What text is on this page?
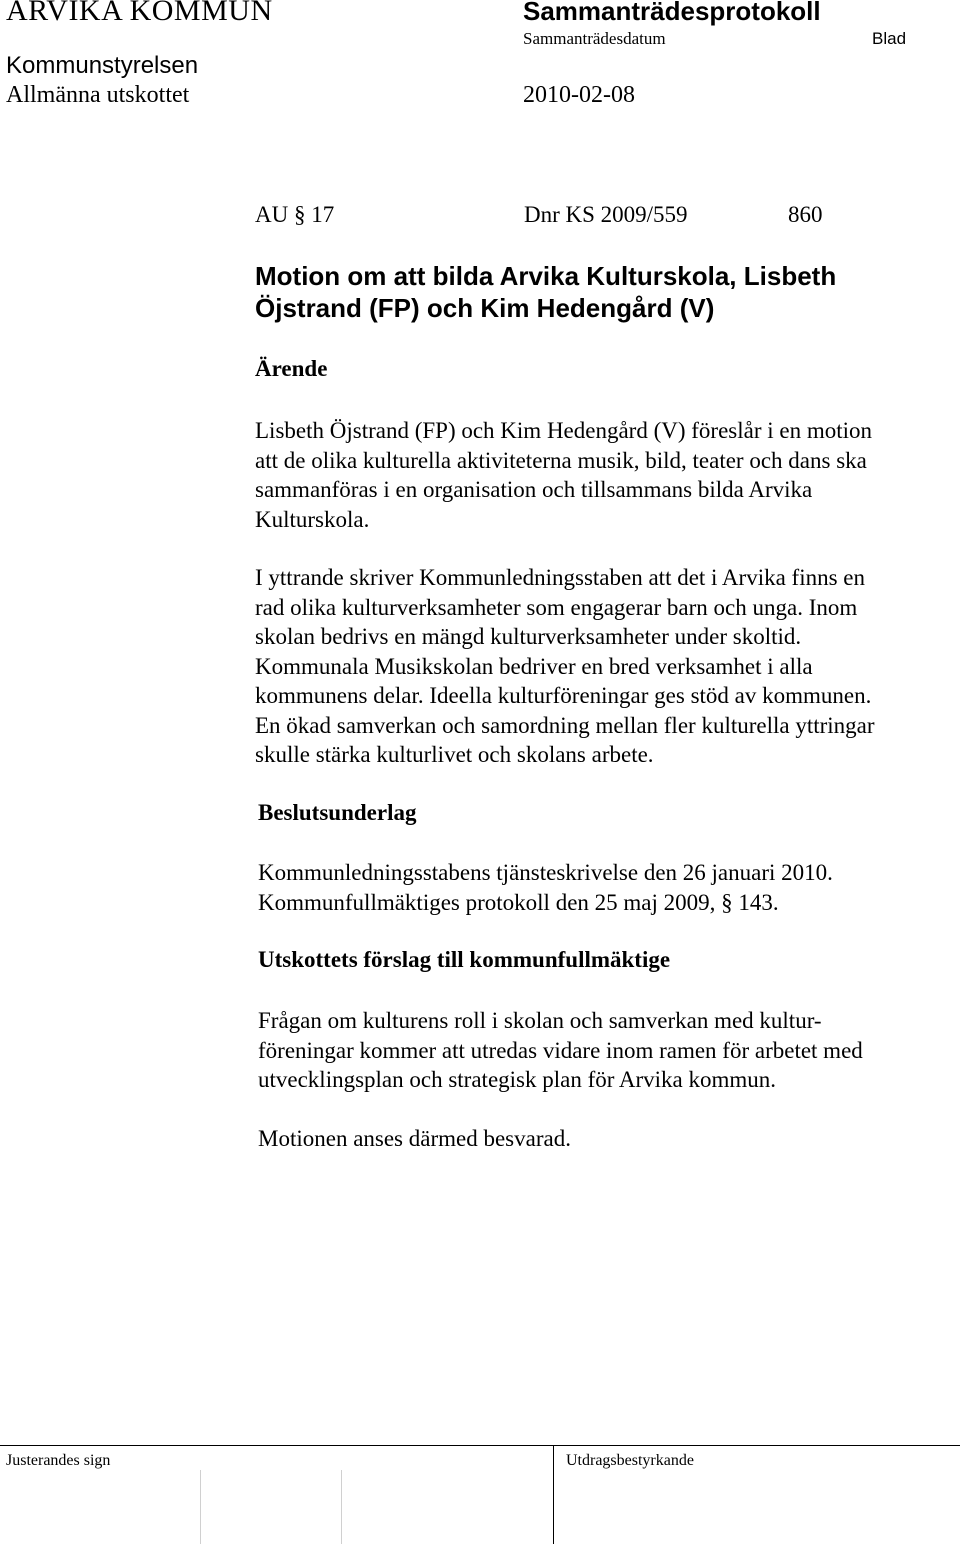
ARVIKA KOMMUN	Sammanträdesprotokoll
Sammanträdesdatum	Blad
Kommunstyrelsen
Allmänna utskottet	2010-02-08
AU § 17	Dnr KS 2009/559	860
Motion om att bilda Arvika Kulturskola, Lisbeth Öjstrand (FP) och Kim Hedengård (V)
Ärende
Lisbeth Öjstrand (FP) och Kim Hedengård (V) föreslår i en motion
att de olika kulturella aktiviteterna musik, bild, teater och dans ska
sammanföras i en organisation och tillsammans bilda Arvika
Kulturskola.
I yttrande skriver Kommunledningsstaben att det i Arvika finns en
rad olika kulturverksamheter som engagerar barn och unga. Inom
skolan bedrivs en mängd kulturverksamheter under skoltid.
Kommunala Musikskolan bedriver en bred verksamhet i alla
kommunens delar. Ideella kulturföreningar ges stöd av kommunen.
En ökad samverkan och samordning mellan fler kulturella yttringar
skulle stärka kulturlivet och skolans arbete.
Beslutsunderlag
Kommunledningsstabens tjänsteskrivelse den 26 januari 2010.
Kommunfullmäktiges protokoll den 25 maj 2009, § 143.
Utskottets förslag till kommunfullmäktige
Frågan om kulturens roll i skolan och samverkan med kultur-
föreningar kommer att utredas vidare inom ramen för arbetet med
utvecklingsplan och strategisk plan för Arvika kommun.
Motionen anses därmed besvarad.
Justerandes sign	Utdragsbestyrkande
